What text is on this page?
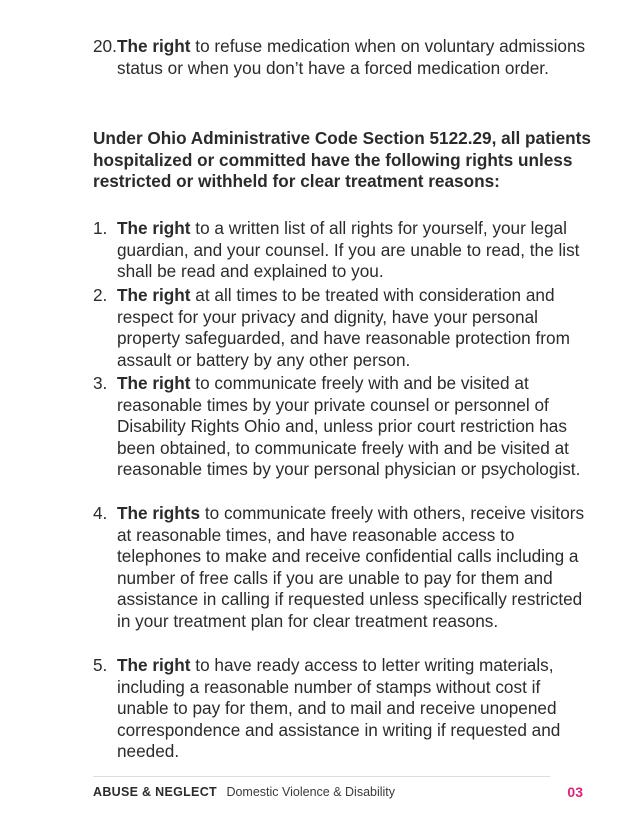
20. The right to refuse medication when on voluntary admissions status or when you don’t have a forced medication order.
Under Ohio Administrative Code Section 5122.29, all patients hospitalized or committed have the following rights unless restricted or withheld for clear treatment reasons:
1. The right to a written list of all rights for yourself, your legal guardian, and your counsel. If you are unable to read, the list shall be read and explained to you.
2. The right at all times to be treated with consideration and respect for your privacy and dignity, have your personal property safeguarded, and have reasonable protection from assault or battery by any other person.
3. The right to communicate freely with and be visited at reasonable times by your private counsel or personnel of Disability Rights Ohio and, unless prior court restriction has been obtained, to communicate freely with and be visited at reasonable times by your personal physician or psychologist.
4. The rights to communicate freely with others, receive visitors at reasonable times, and have reasonable access to telephones to make and receive confidential calls including a number of free calls if you are unable to pay for them and assistance in calling if requested unless specifically restricted in your treatment plan for clear treatment reasons.
5. The right to have ready access to letter writing materials, including a reasonable number of stamps without cost if unable to pay for them, and to mail and receive unopened correspondence and assistance in writing if requested and needed.
ABUSE & NEGLECT Domestic Violence & Disability	03
